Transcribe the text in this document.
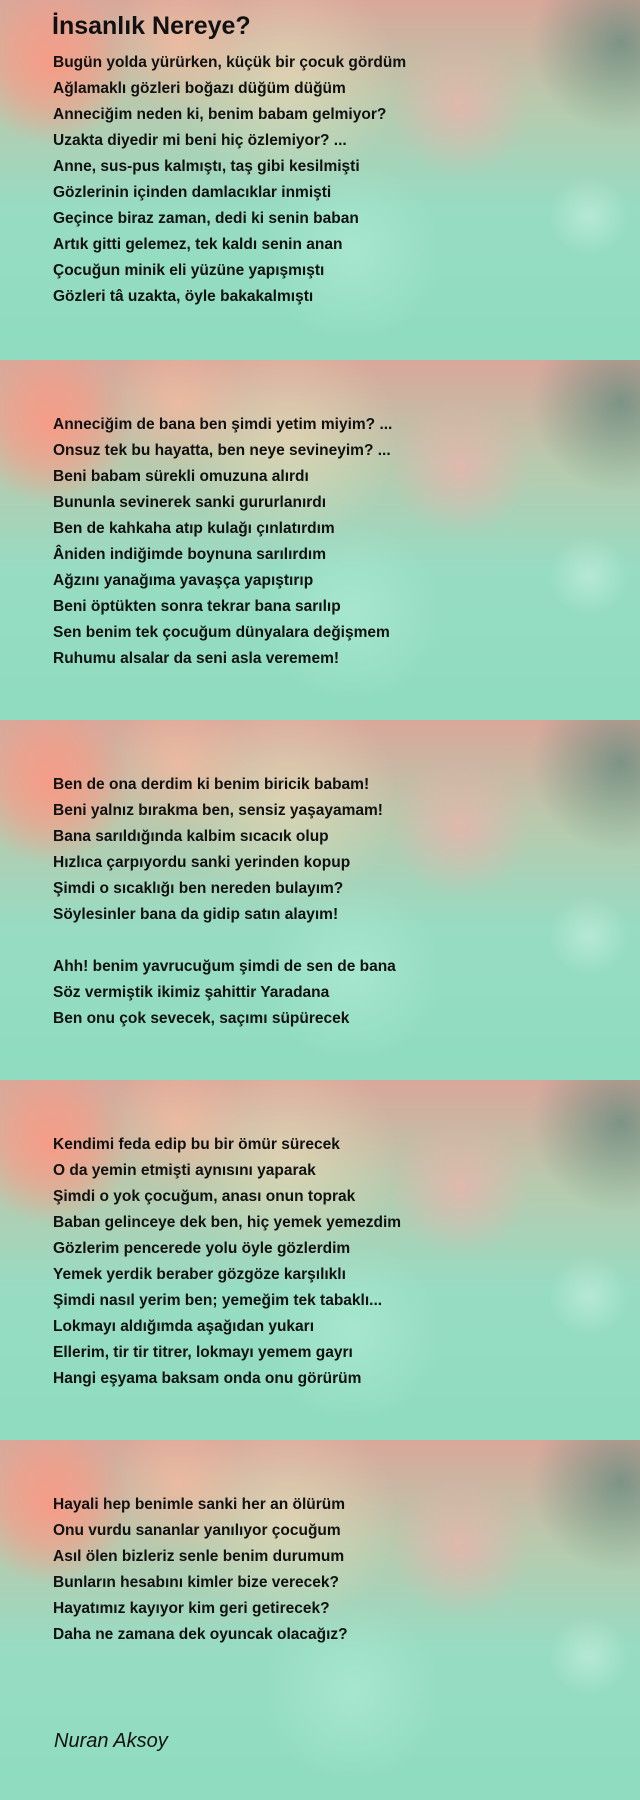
İnsanlık Nereye?
Bugün yolda yürürken, küçük bir çocuk gördüm
Ağlamaklı gözleri boğazı düğüm düğüm
Anneciğim neden ki, benim babam gelmiyor?
Uzakta diyedir mi beni hiç özlemiyor? ...
Anne, sus-pus kalmıştı, taş gibi kesilmişti
Gözlerinin içinden damlacıklar inmişti
Geçince biraz zaman, dedi ki senin baban
Artık gitti gelemez, tek kaldı senin anan
Çocuğun minik eli yüzüne yapışmıştı
Gözleri tâ uzakta, öyle bakakalmıştı
Anneciğim de bana ben şimdi yetim miyim? ...
Onsuz tek bu hayatta, ben neye sevineyim? ...
Beni babam sürekli omuzuna alırdı
Bununla sevinerek sanki gururlanırdı
Ben de kahkaha atıp kulağı çınlatırdım
Âniden indiğimde boynuna sarılırdım
Ağzını yanağıma yavaşça yapıştırıp
Beni öptükten sonra tekrar bana sarılıp
Sen benim tek çocuğum dünyalara değişmem
Ruhumu alsalar da seni asla veremem!
Ben de ona derdim ki benim biricik babam!
Beni yalnız bırakma ben, sensiz yaşayamam!
Bana sarıldığında kalbim sıcacık olup
Hızlıca çarpıyordu sanki yerinden kopup
Şimdi o sıcaklığı ben nereden bulayım?
Söylesinler bana da gidip satın alayım!
Ahh! benim yavrucuğum şimdi de sen de bana
Söz vermiştik ikimiz şahittir Yaradana
Ben onu çok sevecek, saçımı süpürecek
Kendimi feda edip bu bir ömür sürecek
O da yemin etmişti aynısını yaparak
Şimdi o yok çocuğum, anası onun toprak
Baban gelinceye dek ben, hiç yemek yemezdim
Gözlerim pencerede yolu öyle gözlerdim
Yemek yerdik beraber gözgöze karşılıklı
Şimdi nasıl yerim ben; yemeğim tek tabaklı...
Lokmayı aldığımda aşağıdan yukarı
Ellerim, tir tir titrer, lokmayı yemem gayrı
Hangi eşyama baksam onda onu görürüm
Hayali hep benimle sanki her an ölürüm
Onu vurdu sananlar yanılıyor çocuğum
Asıl ölen bizleriz senle benim durumum
Bunların hesabını kimler bize verecek?
Hayatımız kayıyor kim geri getirecek?
Daha ne zamana dek oyuncak olacağız?
Nuran Aksoy
